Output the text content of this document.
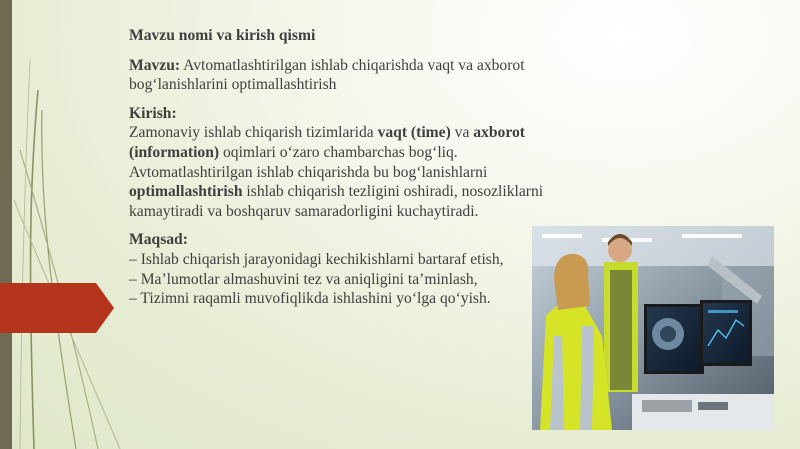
Mavzu nomi va kirish qismi
Mavzu: Avtomatlashtirilgan ishlab chiqarishda vaqt va axborot
bog‘lanishlarini optimallashtirish
Kirish:
Zamonaviy ishlab chiqarish tizimlarida vaqt (time) va axborot
(information) oqimlari o‘zaro chambarchas bog‘liq.
Avtomatlashtirilgan ishlab chiqarishda bu bog‘lanishlarni
optimallashtirish ishlab chiqarish tezligini oshiradi, nosozliklarni
kamaytiradi va boshqaruv samaradorligini kuchaytiradi.
Maqsad:
– Ishlab chiqarish jarayonidagi kechikishlarni bartaraf etish,
– Ma’lumotlar almashuvini tez va aniqligini ta’minlash,
– Tizimni raqamli muvofiqlikda ishlashini yo‘lga qo‘yish.
